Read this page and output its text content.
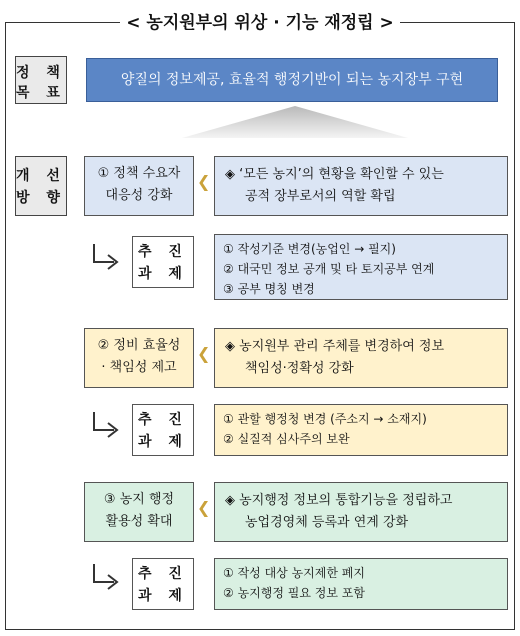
< 농지원부의 위상 · 기능 재정립 >
정 책
목 표
양질의 정보제공, 효율적 행정기반이 되는 농지장부 구현
개 선
방 향
① 정책 수요자
대응성 강화
❮ ◈ ‘모든 농지’의 현황을 확인할 수 있는
공적 장부로서의 역할 확립
추 진
과 제
① 작성기준 변경(농업인 → 필지)
② 대국민 정보 공개 및 타 토지공부 연계
③ 공부 명칭 변경
② 정비 효율성
· 책임성 제고
❮ ◈ 농지원부 관리 주체를 변경하여 정보
책임성·정확성 강화
추 진
과 제
① 관할 행정청 변경 (주소지 → 소재지)
② 실질적 심사주의 보완
③ 농지 행정
활용성 확대
❮ ◈ 농지행정 정보의 통합기능을 정립하고
농업경영체 등록과 연계 강화
추 진
과 제
① 작성 대상 농지제한 폐지
② 농지행정 필요 정보 포함
